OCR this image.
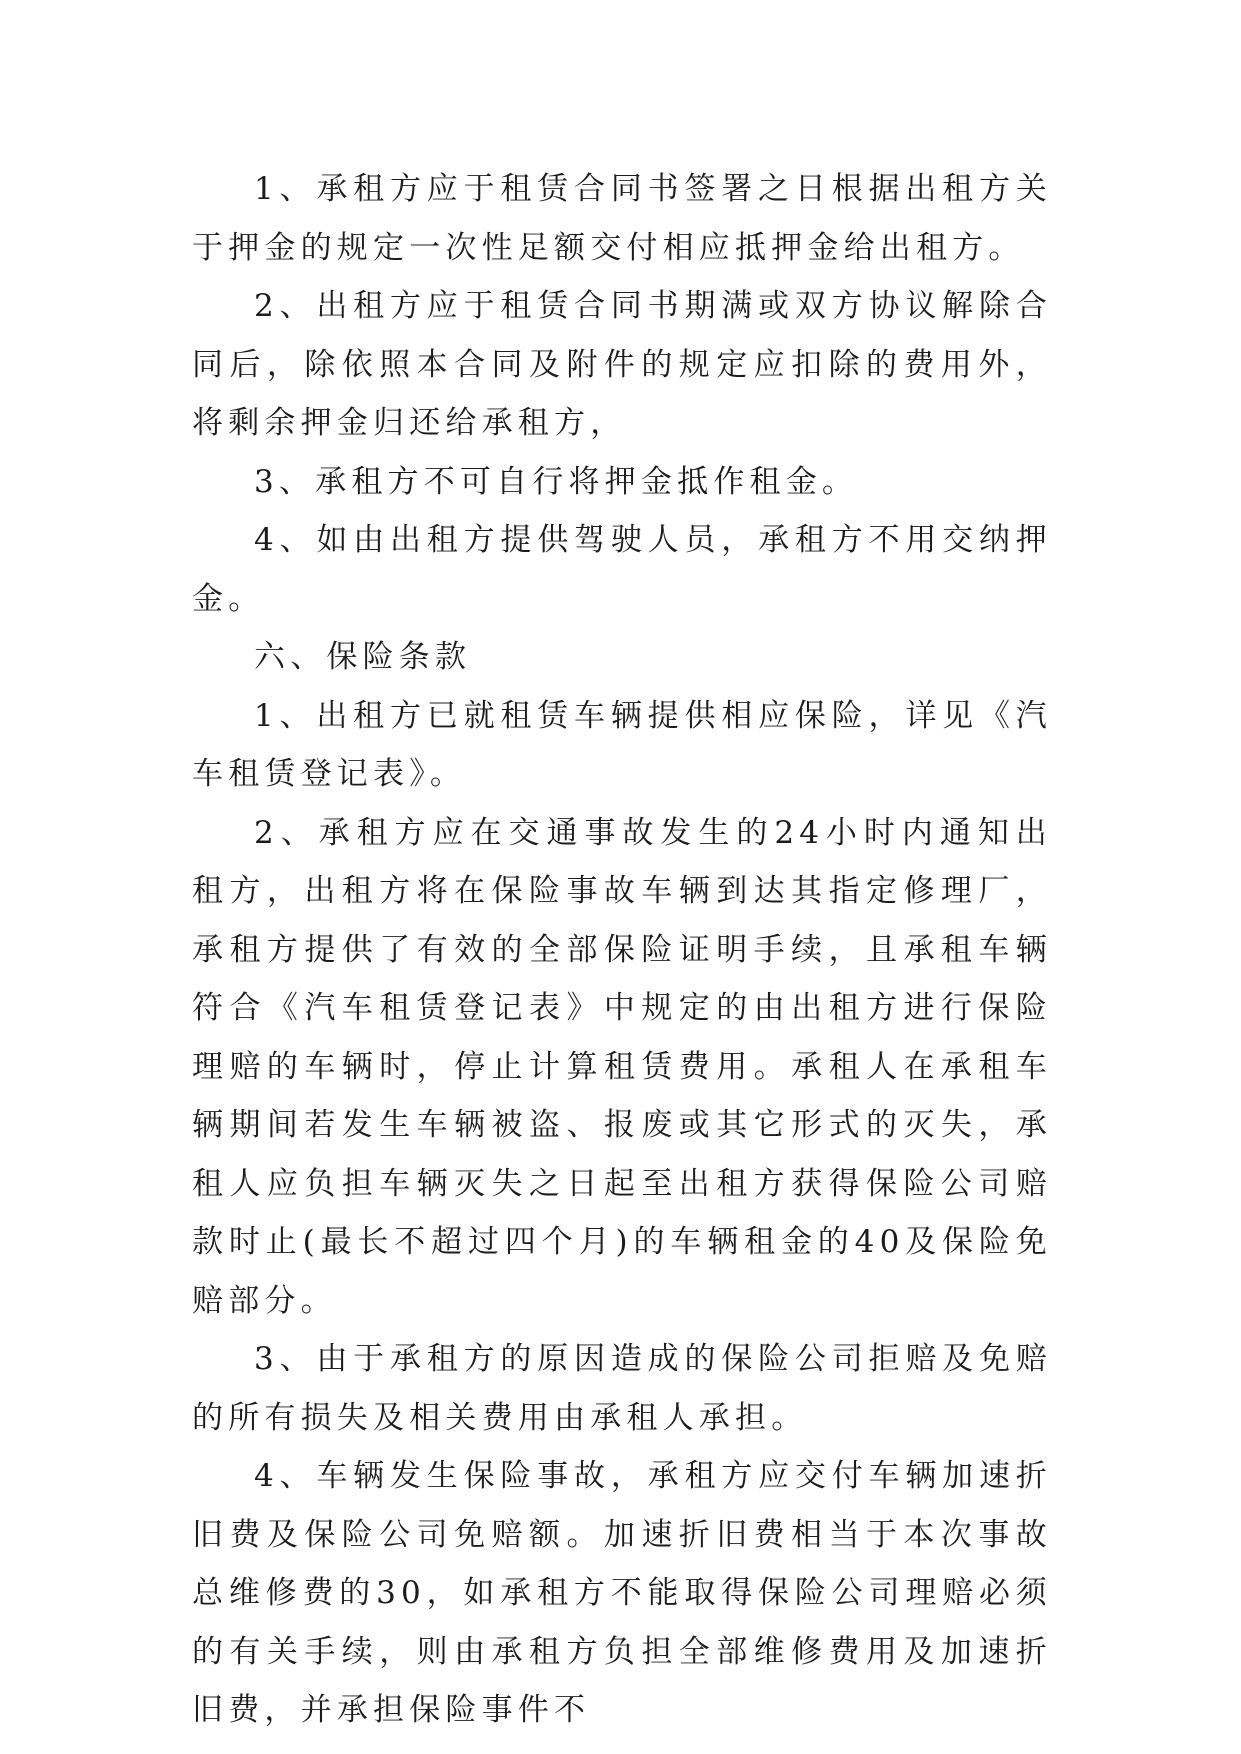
1、承租方应于租赁合同书签署之日根据出租方关于押金的规定一次性足额交付相应抵押金给出租方。

2、出租方应于租赁合同书期满或双方协议解除合同后，除依照本合同及附件的规定应扣除的费用外，将剩余押金归还给承租方，

3、承租方不可自行将押金抵作租金。

4、如由出租方提供驾驶人员，承租方不用交纳押金。

六、保险条款

1、出租方已就租赁车辆提供相应保险，详见《汽车租赁登记表》。

2、承租方应在交通事故发生的24小时内通知出租方，出租方将在保险事故车辆到达其指定修理厂，承租方提供了有效的全部保险证明手续，且承租车辆符合《汽车租赁登记表》中规定的由出租方进行保险理赔的车辆时，停止计算租赁费用。承租人在承租车辆期间若发生车辆被盗、报废或其它形式的灭失，承租人应负担车辆灭失之日起至出租方获得保险公司赔款时止(最长不超过四个月)的车辆租金的40及保险免赔部分。

3、由于承租方的原因造成的保险公司拒赔及免赔的所有损失及相关费用由承租人承担。

4、车辆发生保险事故，承租方应交付车辆加速折旧费及保险公司免赔额。加速折旧费相当于本次事故总维修费的30，如承租方不能取得保险公司理赔必须的有关手续，则由承租方负担全部维修费用及加速折旧费，并承担保险事件不
